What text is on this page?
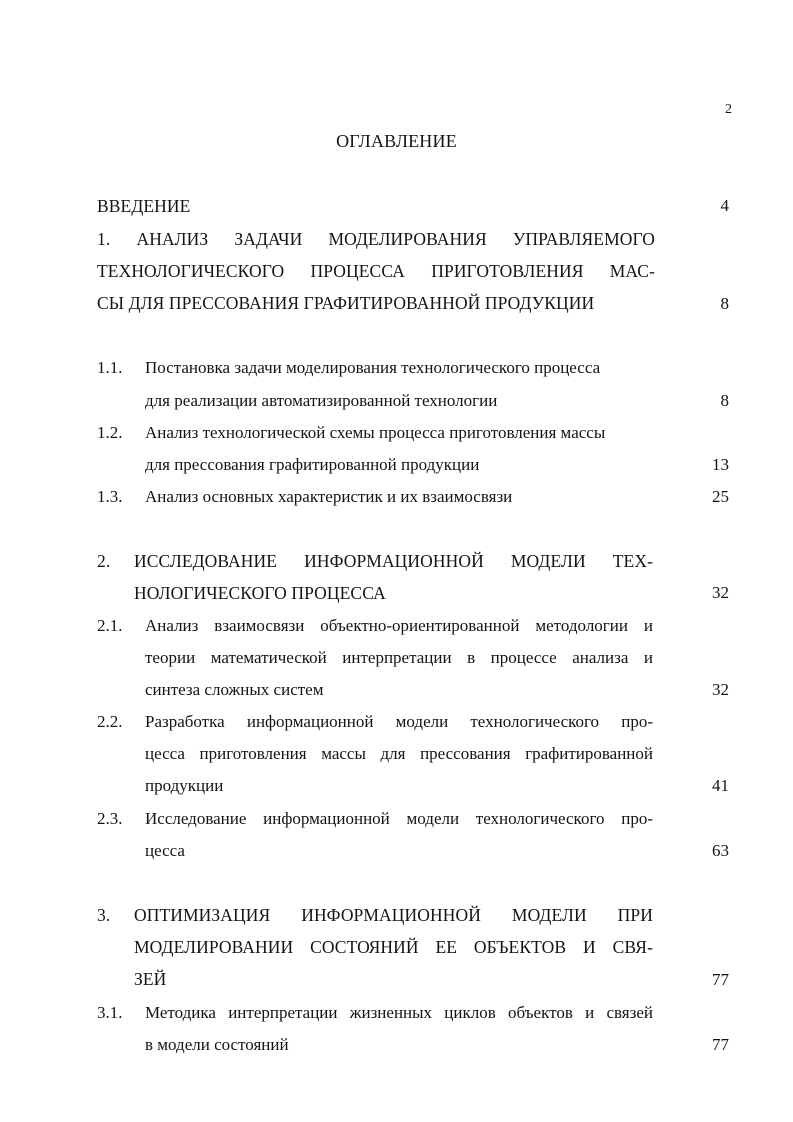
2
ОГЛАВЛЕНИЕ
ВВЕДЕНИЕ	4
1. АНАЛИЗ ЗАДАЧИ МОДЕЛИРОВАНИЯ УПРАВЛЯЕМОГО
ТЕХНОЛОГИЧЕСКОГО ПРОЦЕССА ПРИГОТОВЛЕНИЯ МАС-
СЫ ДЛЯ ПРЕССОВАНИЯ ГРАФИТИРОВАННОЙ ПРОДУКЦИИ	8
1.1. Постановка задачи моделирования технологического процесса
для реализации автоматизированной технологии	8
1.2. Анализ технологической схемы процесса приготовления массы
для прессования графитированной продукции	13
1.3. Анализ основных характеристик и их взаимосвязи	25
2. ИССЛЕДОВАНИЕ ИНФОРМАЦИОННОЙ МОДЕЛИ ТЕХ-
НОЛОГИЧЕСКОГО ПРОЦЕССА	32
2.1. Анализ взаимосвязи объектно-ориентированной методологии и
теории математической интерпретации в процессе анализа и
синтеза сложных систем	32
2.2. Разработка информационной модели технологического про-
цесса приготовления массы для прессования графитированной
продукции	41
2.3. Исследование информационной модели технологического про-
цесса	63
3. ОПТИМИЗАЦИЯ ИНФОРМАЦИОННОЙ МОДЕЛИ ПРИ
МОДЕЛИРОВАНИИ СОСТОЯНИЙ ЕЕ ОБЪЕКТОВ И СВЯ-
ЗЕЙ	77
3.1. Методика интерпретации жизненных циклов объектов и связей
в модели состояний	77
